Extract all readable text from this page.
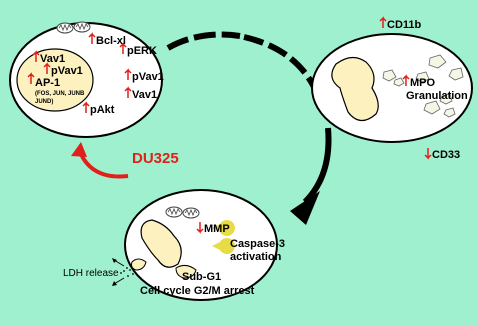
DU325
Bcl-xl
pERK
pVav1
Vav1
pAkt
Vav1
pVav1
AP-1
(FOS, JUN, JUNB
JUND)
CD11b
MPO
Granulation
CD33
MMP
Caspase-3
activation
LDH release	Sub-G1
Cell cycle G2/M arrest
